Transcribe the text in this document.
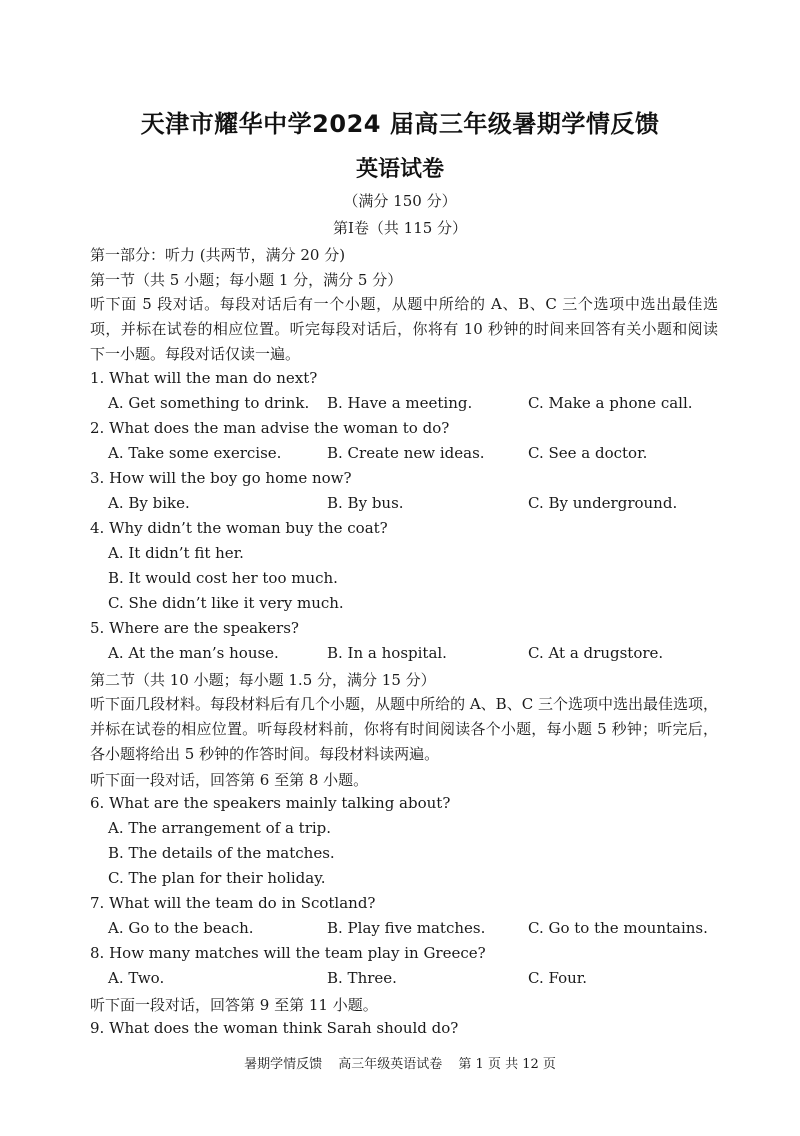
天津市耀华中学2024 届高三年级暑期学情反馈
英语试卷
（满分 150 分）
第Ⅰ卷（共 115 分）
第一部分：听力 (共两节，满分 20 分)
第一节（共 5 小题；每小题 1 分，满分 5 分）
听下面 5 段对话。每段对话后有一个小题，从题中所给的 A、B、C 三个选项中选出最佳选项，并标在试卷的相应位置。听完每段对话后，你将有 10 秒钟的时间来回答有关小题和阅读下一小题。每段对话仅读一遍。
1. What will the man do next?
A. Get something to drink. B. Have a meeting.	C. Make a phone call.
2. What does the man advise the woman to do?
A. Take some exercise.	B. Create new ideas.	C. See a doctor.
3. How will the boy go home now?
A. By bike.	B. By bus.	C. By underground.
4. Why didn’t the woman buy the coat?
A. It didn’t fit her.
B. It would cost her too much.
C. She didn’t like it very much.
5. Where are the speakers?
A. At the man’s house.	B. In a hospital.	C. At a drugstore.
第二节（共 10 小题；每小题 1.5 分，满分 15 分）
听下面几段材料。每段材料后有几个小题，从题中所给的 A、B、C 三个选项中选出最佳选项，并标在试卷的相应位置。听每段材料前，你将有时间阅读各个小题，每小题 5 秒钟；听完后，各小题将给出 5 秒钟的作答时间。每段材料读两遍。
听下面一段对话，回答第 6 至第 8 小题。
6. What are the speakers mainly talking about?
A. The arrangement of a trip.
B. The details of the matches.
C. The plan for their holiday.
7. What will the team do in Scotland?
A. Go to the beach.	B. Play five matches.	C. Go to the mountains.
8. How many matches will the team play in Greece?
A. Two.	B. Three.	C. Four.
听下面一段对话，回答第 9 至第 11 小题。
9. What does the woman think Sarah should do?
暑期学情反馈 高三年级英语试卷 第 1 页 共 12 页
